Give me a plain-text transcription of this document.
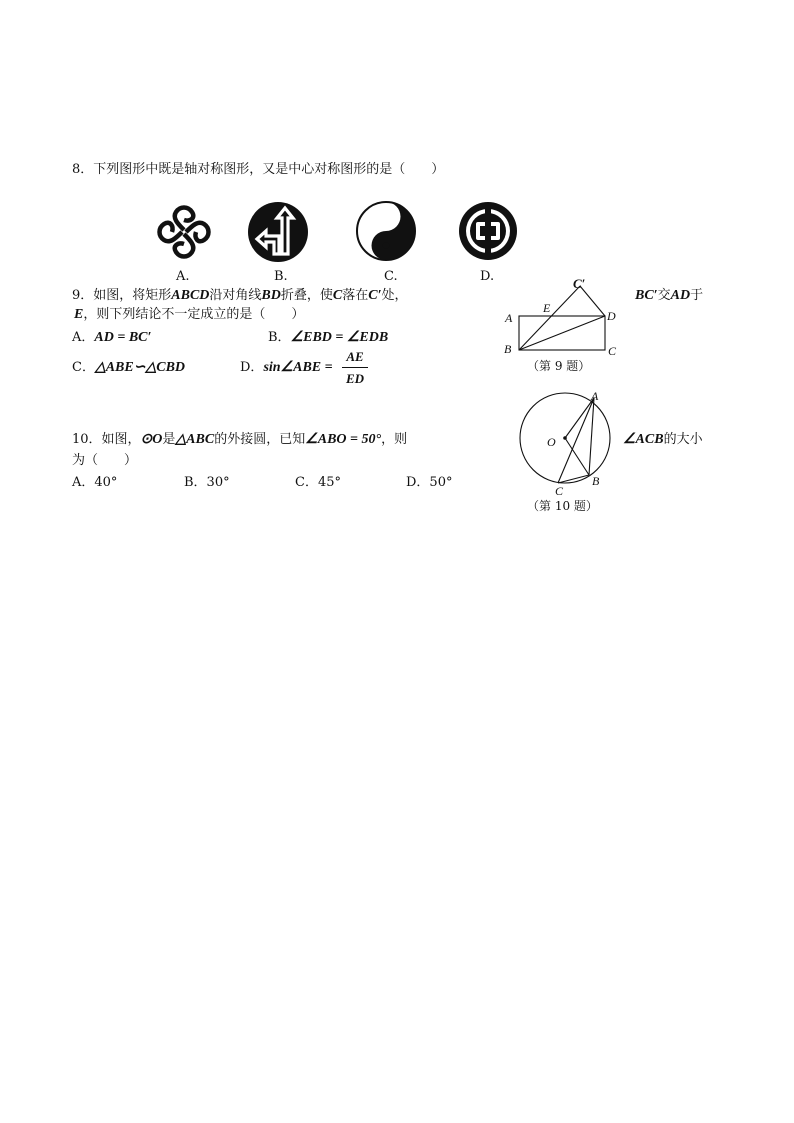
8．下列图形中既是轴对称图形，又是中心对称图形的是（　　）
A.	B.	C.	D.
9．如图，将矩形ABCD沿对角线BD折叠，使C落在C′处，	BC′交AD于
E，则下列结论不一定成立的是（　　）
A．AD = BC′	B．∠EBD = ∠EDB
C．△ABE∽△CBD	D．sin∠ABE =
AE
ED
C′
E
A	D
B	C
（第 9 题）
10．如图，⊙O是△ABC的外接圆，已知∠ABO = 50°，则	∠ACB的大小
为（　　）
A．40°	B．30°	C．45°	D．50°
A
O
C
B
（第 10 题）
